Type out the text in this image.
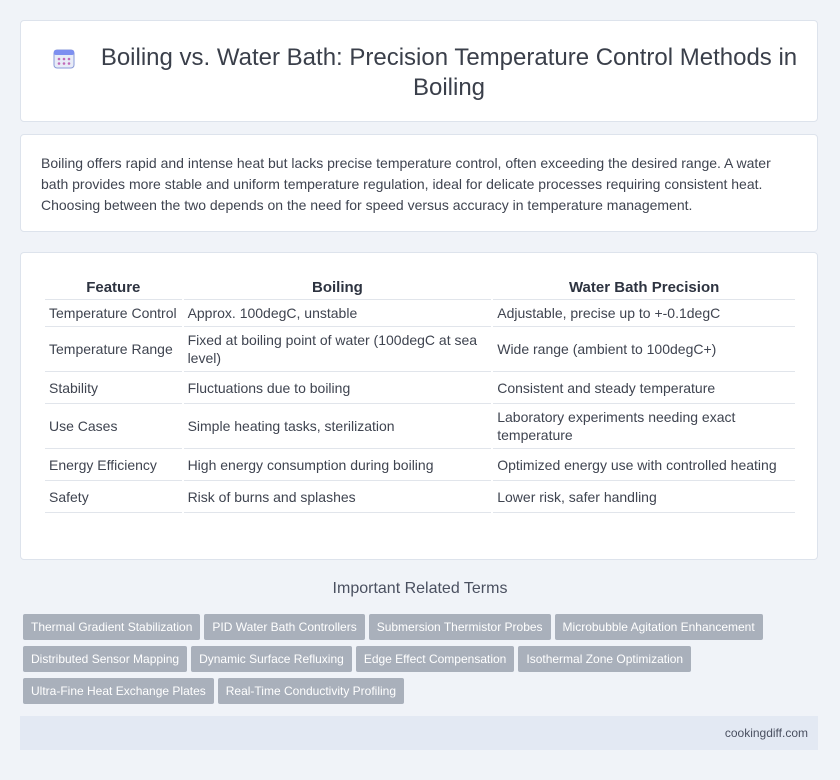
Boiling vs. Water Bath: Precision Temperature Control Methods in Boiling

Boiling offers rapid and intense heat but lacks precise temperature control, often exceeding the desired range. A water bath provides more stable and uniform temperature regulation, ideal for delicate processes requiring consistent heat. Choosing between the two depends on the need for speed versus accuracy in temperature management.

Feature	Boiling	Water Bath Precision
Temperature Control	Approx. 100degC, unstable	Adjustable, precise up to +-0.1degC
Temperature Range	Fixed at boiling point of water (100degC at sea level)	Wide range (ambient to 100degC+)
Stability	Fluctuations due to boiling	Consistent and steady temperature
Use Cases	Simple heating tasks, sterilization	Laboratory experiments needing exact temperature
Energy Efficiency	High energy consumption during boiling	Optimized energy use with controlled heating
Safety	Risk of burns and splashes	Lower risk, safer handling
Important Related Terms
Thermal Gradient Stabilization PID Water Bath Controllers Submersion Thermistor Probes Microbubble Agitation Enhancement
Distributed Sensor Mapping Dynamic Surface Refluxing Edge Effect Compensation Isothermal Zone Optimization
Ultra-Fine Heat Exchange Plates Real-Time Conductivity Profiling
cookingdiff.com
